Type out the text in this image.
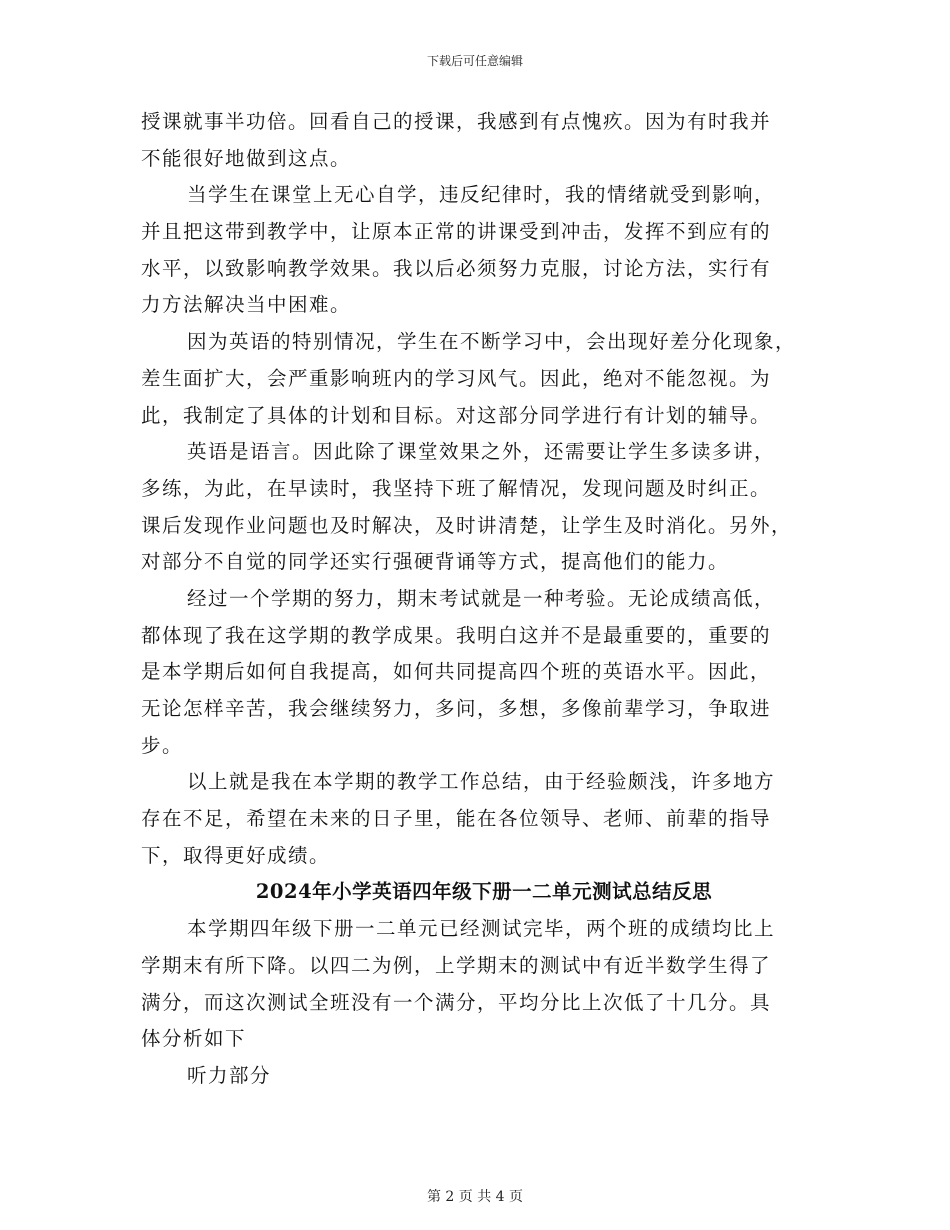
下载后可任意编辑
授课就事半功倍。回看自己的授课，我感到有点愧疚。因为有时我并
不能很好地做到这点。
当学生在课堂上无心自学，违反纪律时，我的情绪就受到影响，
并且把这带到教学中，让原本正常的讲课受到冲击，发挥不到应有的
水平，以致影响教学效果。我以后必须努力克服，讨论方法，实行有
力方法解决当中困难。
因为英语的特别情况，学生在不断学习中，会出现好差分化现象，
差生面扩大，会严重影响班内的学习风气。因此，绝对不能忽视。为
此，我制定了具体的计划和目标。对这部分同学进行有计划的辅导。
英语是语言。因此除了课堂效果之外，还需要让学生多读多讲，
多练，为此，在早读时，我坚持下班了解情况，发现问题及时纠正。
课后发现作业问题也及时解决，及时讲清楚，让学生及时消化。另外，
对部分不自觉的同学还实行强硬背诵等方式，提高他们的能力。
经过一个学期的努力，期末考试就是一种考验。无论成绩高低，
都体现了我在这学期的教学成果。我明白这并不是最重要的，重要的
是本学期后如何自我提高，如何共同提高四个班的英语水平。因此，
无论怎样辛苦，我会继续努力，多问，多想，多像前辈学习，争取进
步。
以上就是我在本学期的教学工作总结，由于经验颇浅，许多地方
存在不足，希望在未来的日子里，能在各位领导、老师、前辈的指导
下，取得更好成绩。
2024年小学英语四年级下册一二单元测试总结反思
本学期四年级下册一二单元已经测试完毕，两个班的成绩均比上
学期末有所下降。以四二为例，上学期末的测试中有近半数学生得了
满分，而这次测试全班没有一个满分，平均分比上次低了十几分。具
体分析如下
听力部分
第 2 页 共 4 页
